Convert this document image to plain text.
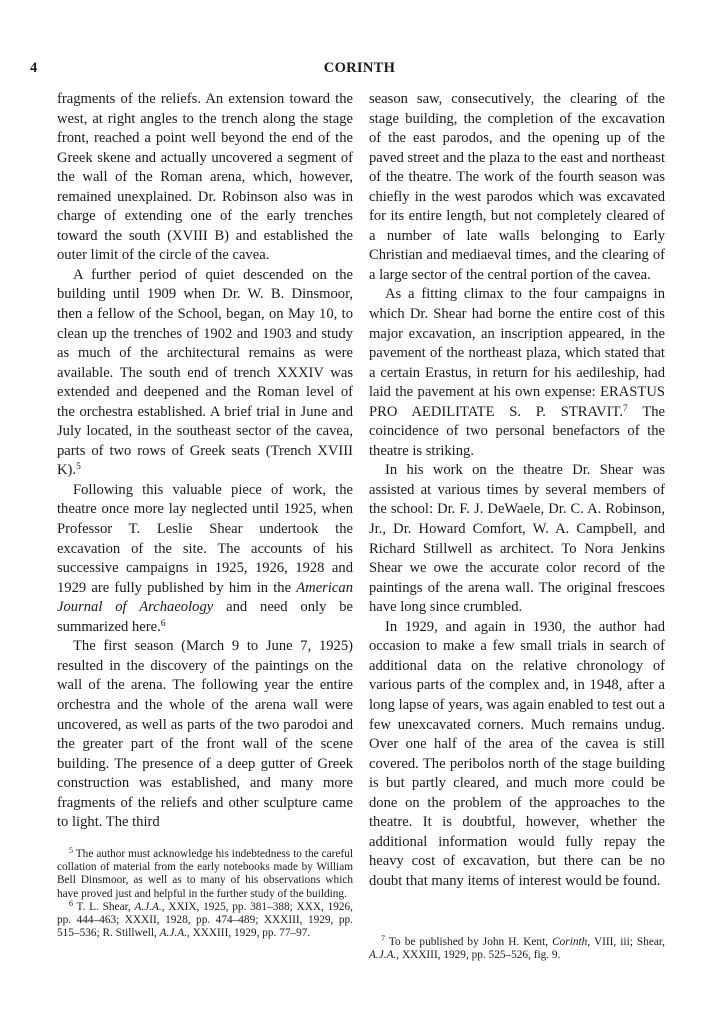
4	CORINTH

fragments of the reliefs. An extension toward the west, at right angles to the trench along the stage front, reached a point well beyond the end of the Greek skene and actually uncovered a segment of the wall of the Roman arena, which, however, remained unexplained. Dr. Robinson also was in charge of extending one of the early trenches toward the south (XVIII B) and established the outer limit of the circle of the cavea.

A further period of quiet descended on the building until 1909 when Dr. W. B. Dinsmoor, then a fellow of the School, began, on May 10, to clean up the trenches of 1902 and 1903 and study as much of the architectural remains as were available. The south end of trench XXXIV was extended and deepened and the Roman level of the orchestra established. A brief trial in June and July located, in the southeast sector of the cavea, parts of two rows of Greek seats (Trench XVIII K).$^5$

Following this valuable piece of work, the theatre once more lay neglected until 1925, when Professor T. Leslie Shear undertook the excavation of the site. The accounts of his successive campaigns in 1925, 1926, 1928 and 1929 are fully published by him in the American Journal of Archaeology and need only be summarized here.$^6$

The first season (March 9 to June 7, 1925) resulted in the discovery of the paintings on the wall of the arena. The following year the entire orchestra and the whole of the arena wall were uncovered, as well as parts of the two parodoi and the greater part of the front wall of the scene building. The presence of a deep gutter of Greek construction was established, and many more fragments of the reliefs and other sculpture came to light. The third

season saw, consecutively, the clearing of the stage building, the completion of the excavation of the east parodos, and the opening up of the paved street and the plaza to the east and northeast of the theatre. The work of the fourth season was chiefly in the west parodos which was excavated for its entire length, but not completely cleared of a number of late walls belonging to Early Christian and mediaeval times, and the clearing of a large sector of the central portion of the cavea.

As a fitting climax to the four campaigns in which Dr. Shear had borne the entire cost of this major excavation, an inscription appeared, in the pavement of the northeast plaza, which stated that a certain Erastus, in return for his aedileship, had laid the pavement at his own expense: ERASTUS PRO AEDILITATE S. P. STRAVIT.$^7$ The coincidence of two personal benefactors of the theatre is striking.

In his work on the theatre Dr. Shear was assisted at various times by several members of the school: Dr. F. J. DeWaele, Dr. C. A. Robinson, Jr., Dr. Howard Comfort, W. A. Campbell, and Richard Stillwell as architect. To Nora Jenkins Shear we owe the accurate color record of the paintings of the arena wall. The original frescoes have long since crumbled.

In 1929, and again in 1930, the author had occasion to make a few small trials in search of additional data on the relative chronology of various parts of the complex and, in 1948, after a long lapse of years, was again enabled to test out a few unexcavated corners. Much remains undug. Over one half of the area of the cavea is still covered. The peribolos north of the stage building is but partly cleared, and much more could be done on the problem of the approaches to the theatre. It is doubtful, however, whether the additional information would fully repay the heavy cost of excavation, but there can be no doubt that many items of interest would be found.

$^5$ The author must acknowledge his indebtedness to the careful collation of material from the early notebooks made by William Bell Dinsmoor, as well as to many of his observations which have proved just and helpful in the further study of the building.

$^6$ T. L. Shear, A.J.A., XXIX, 1925, pp. 381–388; XXX, 1926, pp. 444–463; XXXII, 1928, pp. 474–489; XXXIII, 1929, pp. 515–536; R. Stillwell, A.J.A., XXXIII, 1929, pp. 77–97.	$^7$ To be published by John H. Kent, Corinth, VIII, iii; Shear, A.J.A., XXXIII, 1929, pp. 525–526, fig. 9.
